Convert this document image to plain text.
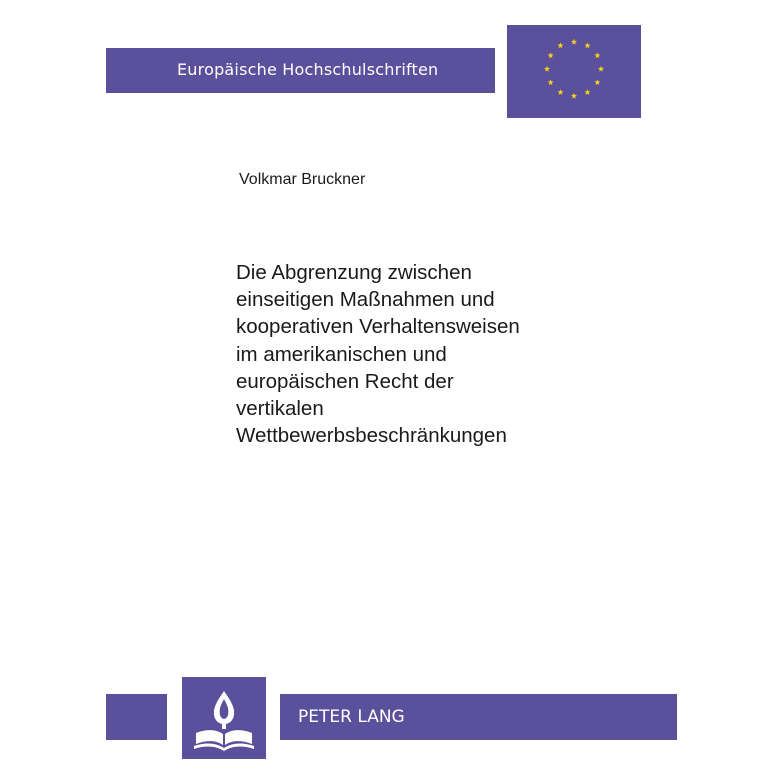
Europäische Hochschulschriften
Volkmar Bruckner
Die Abgrenzung zwischen
einseitigen Maßnahmen und
kooperativen Verhaltensweisen
im amerikanischen und
europäischen Recht der
vertikalen
Wettbewerbsbeschränkungen
PETER LANG
